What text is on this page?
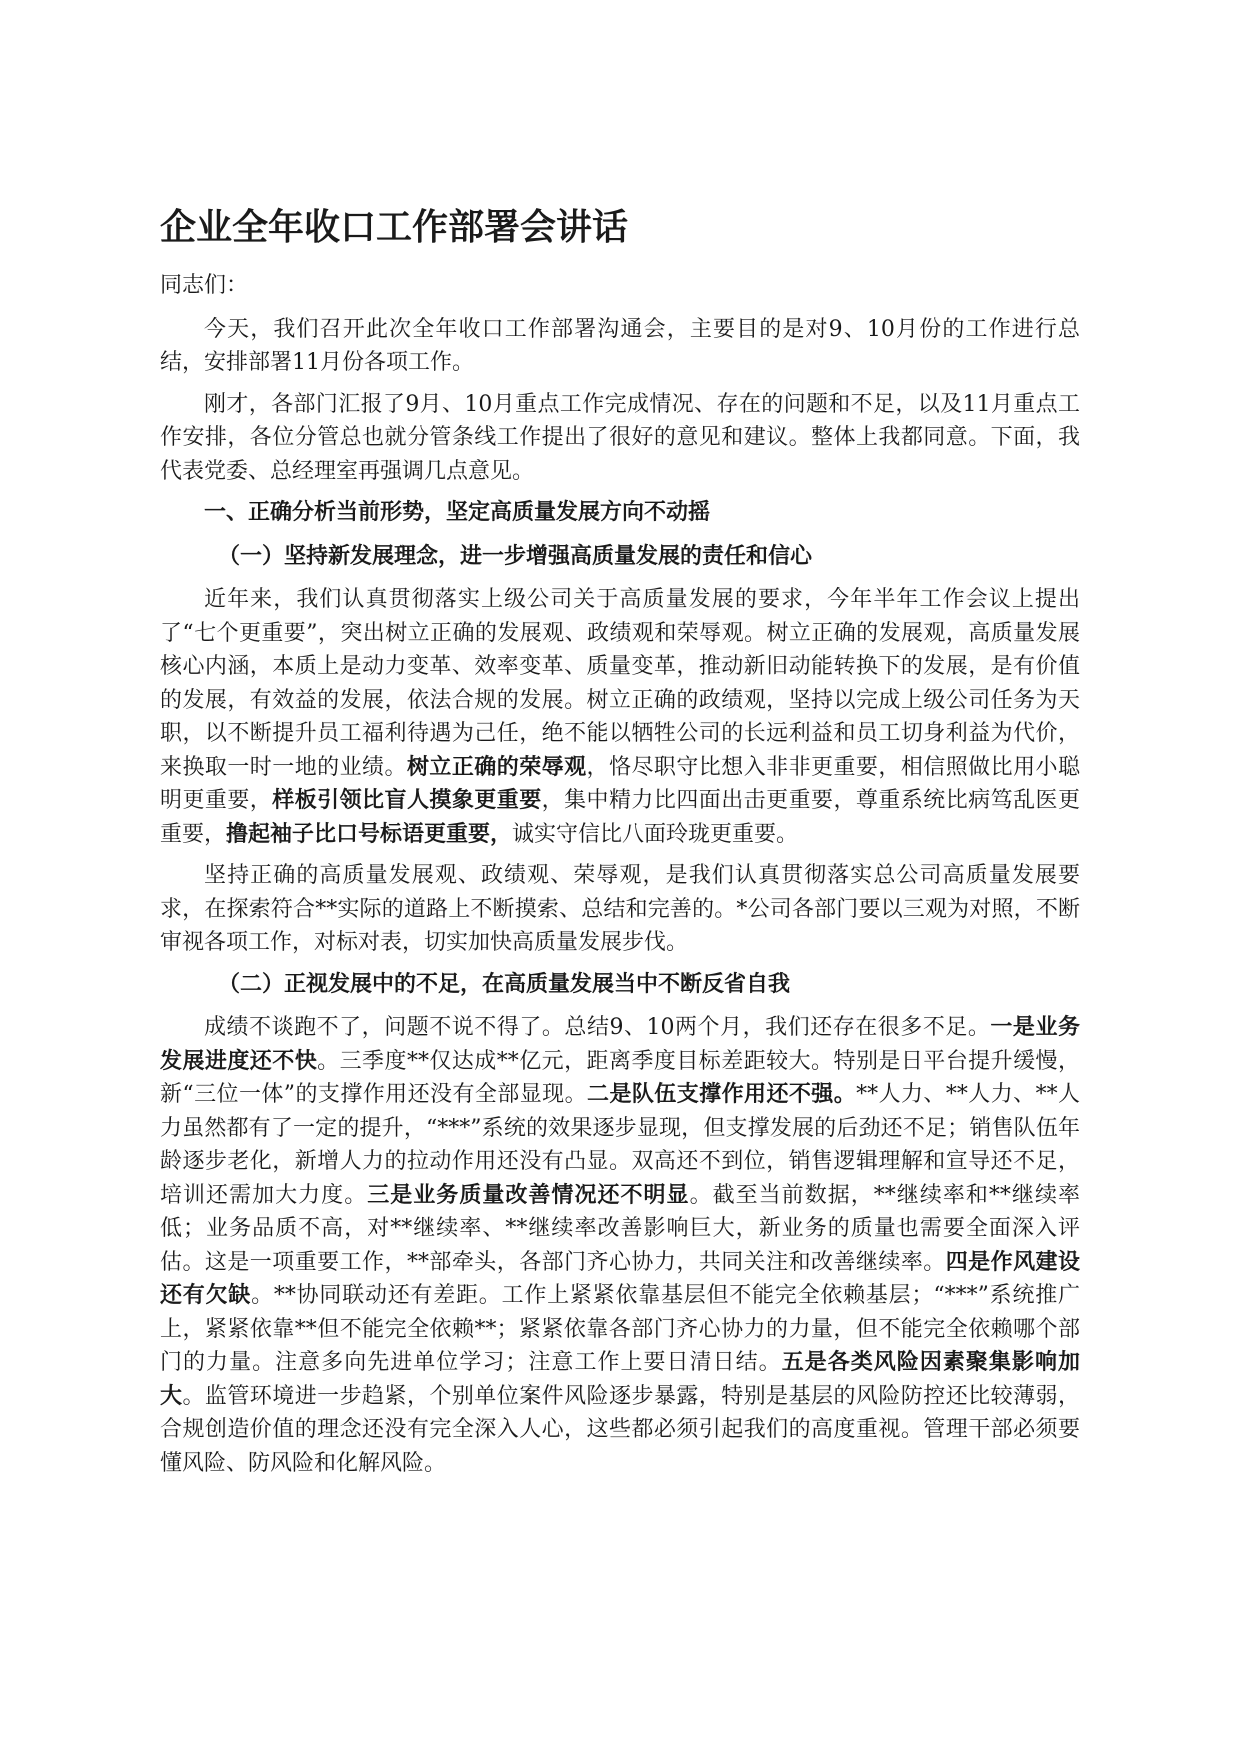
企业全年收口工作部署会讲话

同志们：

今天，我们召开此次全年收口工作部署沟通会，主要目的是对9、10月份的工作进行总结，安排部署11月份各项工作。

刚才，各部门汇报了9月、10月重点工作完成情况、存在的问题和不足，以及11月重点工作安排，各位分管总也就分管条线工作提出了很好的意见和建议。整体上我都同意。下面，我代表党委、总经理室再强调几点意见。

一、正确分析当前形势，坚定高质量发展方向不动摇

（一）坚持新发展理念，进一步增强高质量发展的责任和信心

近年来，我们认真贯彻落实上级公司关于高质量发展的要求，今年半年工作会议上提出了“七个更重要”，突出树立正确的发展观、政绩观和荣辱观。树立正确的发展观，高质量发展核心内涵，本质上是动力变革、效率变革、质量变革，推动新旧动能转换下的发展，是有价值的发展，有效益的发展，依法合规的发展。树立正确的政绩观，坚持以完成上级公司任务为天职，以不断提升员工福利待遇为己任，绝不能以牺牲公司的长远利益和员工切身利益为代价，来换取一时一地的业绩。树立正确的荣辱观，恪尽职守比想入非非更重要，相信照做比用小聪明更重要，样板引领比盲人摸象更重要，集中精力比四面出击更重要，尊重系统比病笃乱医更重要，撸起袖子比口号标语更重要，诚实守信比八面玲珑更重要。

坚持正确的高质量发展观、政绩观、荣辱观，是我们认真贯彻落实总公司高质量发展要求，在探索符合**实际的道路上不断摸索、总结和完善的。*公司各部门要以三观为对照，不断审视各项工作，对标对表，切实加快高质量发展步伐。

（二）正视发展中的不足，在高质量发展当中不断反省自我

成绩不谈跑不了，问题不说不得了。总结9、10两个月，我们还存在很多不足。一是业务发展进度还不快。三季度**仅达成**亿元，距离季度目标差距较大。特别是日平台提升缓慢，新“三位一体”的支撑作用还没有全部显现。二是队伍支撑作用还不强。**人力、**人力、**人力虽然都有了一定的提升，“***”系统的效果逐步显现，但支撑发展的后劲还不足；销售队伍年龄逐步老化，新增人力的拉动作用还没有凸显。双高还不到位，销售逻辑理解和宣导还不足，培训还需加大力度。三是业务质量改善情况还不明显。截至当前数据，**继续率和**继续率低；业务品质不高，对**继续率、**继续率改善影响巨大，新业务的质量也需要全面深入评估。这是一项重要工作，**部牵头，各部门齐心协力，共同关注和改善继续率。四是作风建设还有欠缺。**协同联动还有差距。工作上紧紧依靠基层但不能完全依赖基层；“***”系统推广上，紧紧依靠**但不能完全依赖**；紧紧依靠各部门齐心协力的力量，但不能完全依赖哪个部门的力量。注意多向先进单位学习；注意工作上要日清日结。五是各类风险因素聚集影响加大。监管环境进一步趋紧，个别单位案件风险逐步暴露，特别是基层的风险防控还比较薄弱，合规创造价值的理念还没有完全深入人心，这些都必须引起我们的高度重视。管理干部必须要懂风险、防风险和化解风险。
